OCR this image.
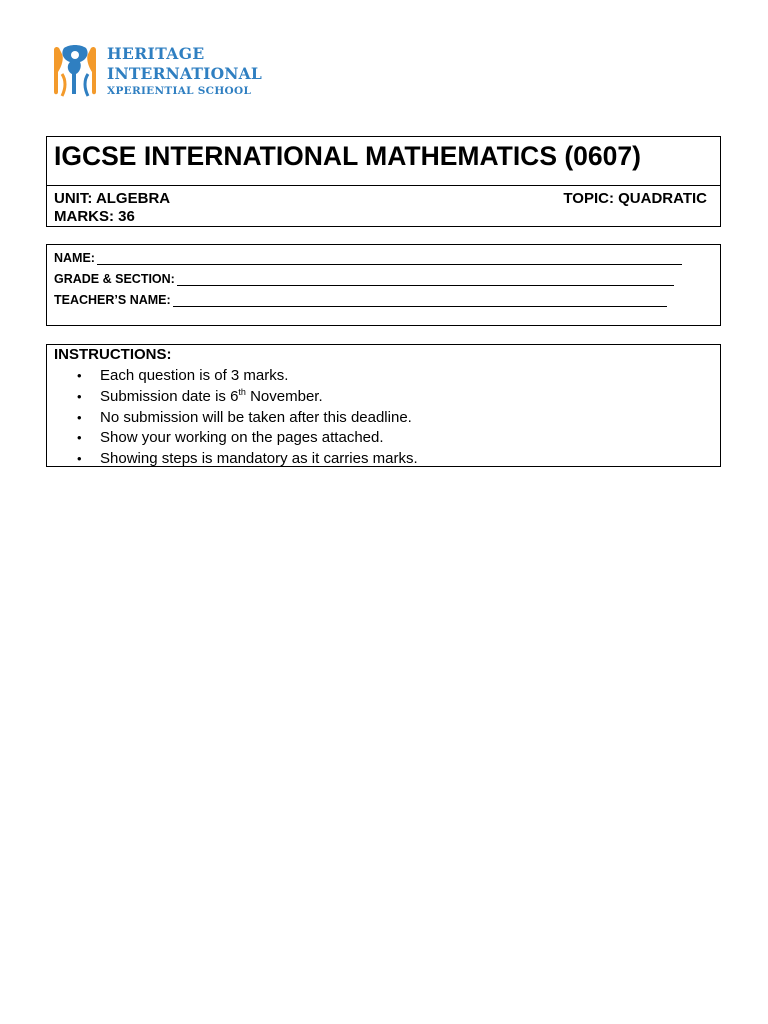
HERITAGE
INTERNATIONAL
XPERIENTIAL SCHOOL
IGCSE INTERNATIONAL MATHEMATICS (0607)
UNIT: ALGEBRA	TOPIC: QUADRATIC
MARKS: 36
NAME:
GRADE & SECTION:
TEACHER’S NAME:
INSTRUCTIONS:
• Each question is of 3 marks.
• Submission date is 6th November.
• No submission will be taken after this deadline.
• Show your working on the pages attached.
• Showing steps is mandatory as it carries marks.
